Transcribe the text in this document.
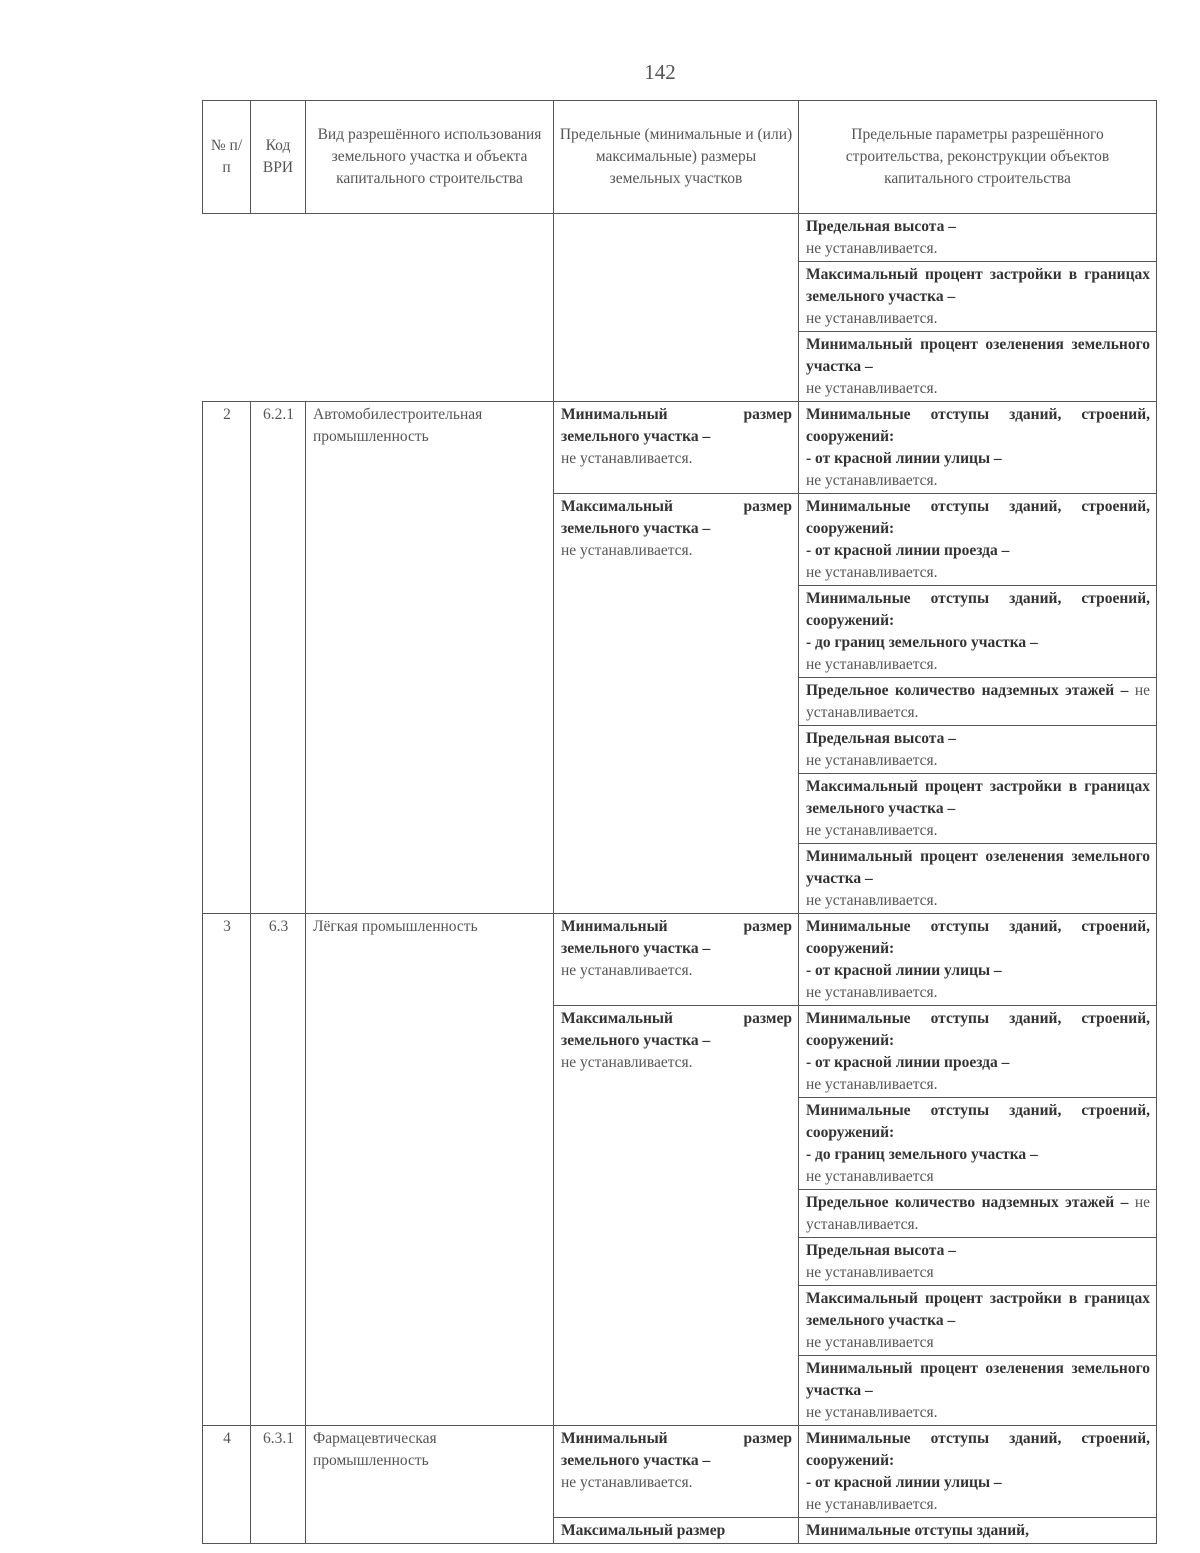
142
№ п/п	Код ВРИ	Вид разрешённого использования земельного участка и объекта капитального строительства	Предельные (минимальные и (или) максимальные) размеры земельных участков	Предельные параметры разрешённого строительства, реконструкции объектов капитального строительства

				Предельная высота –
не устанавливается.

				Максимальный процент застройки в границах земельного участка –
не устанавливается.

				Минимальный процент озеленения земельного участка –
не устанавливается.

2	6.2.1	Автомобилестроительная промышленность	Минимальный размер земельного участка –
не устанавливается.	Минимальные отступы зданий, строений, сооружений:
- от красной линии улицы –
не устанавливается.

			Максимальный размер земельного участка –
не устанавливается.	Минимальные отступы зданий, строений, сооружений:
- от красной линии проезда –
не устанавливается.

				Минимальные отступы зданий, строений, сооружений:
- до границ земельного участка –
не устанавливается.

				Предельное количество надземных этажей – не устанавливается.

				Предельная высота –
не устанавливается.

				Максимальный процент застройки в границах земельного участка –
не устанавливается.

				Минимальный процент озеленения земельного участка –
не устанавливается.

3	6.3	Лёгкая промышленность	Минимальный размер земельного участка –
не устанавливается.	Минимальные отступы зданий, строений, сооружений:
- от красной линии улицы –
не устанавливается.

			Максимальный размер земельного участка –
не устанавливается.	Минимальные отступы зданий, строений, сооружений:
- от красной линии проезда –
не устанавливается.

				Минимальные отступы зданий, строений, сооружений:
- до границ земельного участка –
не устанавливается

				Предельное количество надземных этажей – не устанавливается.

				Предельная высота –
не устанавливается

				Максимальный процент застройки в границах земельного участка –
не устанавливается

				Минимальный процент озеленения земельного участка –
не устанавливается.

4	6.3.1	Фармацевтическая промышленность	Минимальный размер земельного участка –
не устанавливается.	Минимальные отступы зданий, строений, сооружений:
- от красной линии улицы –
не устанавливается.

			Максимальный размер	Минимальные отступы зданий,
